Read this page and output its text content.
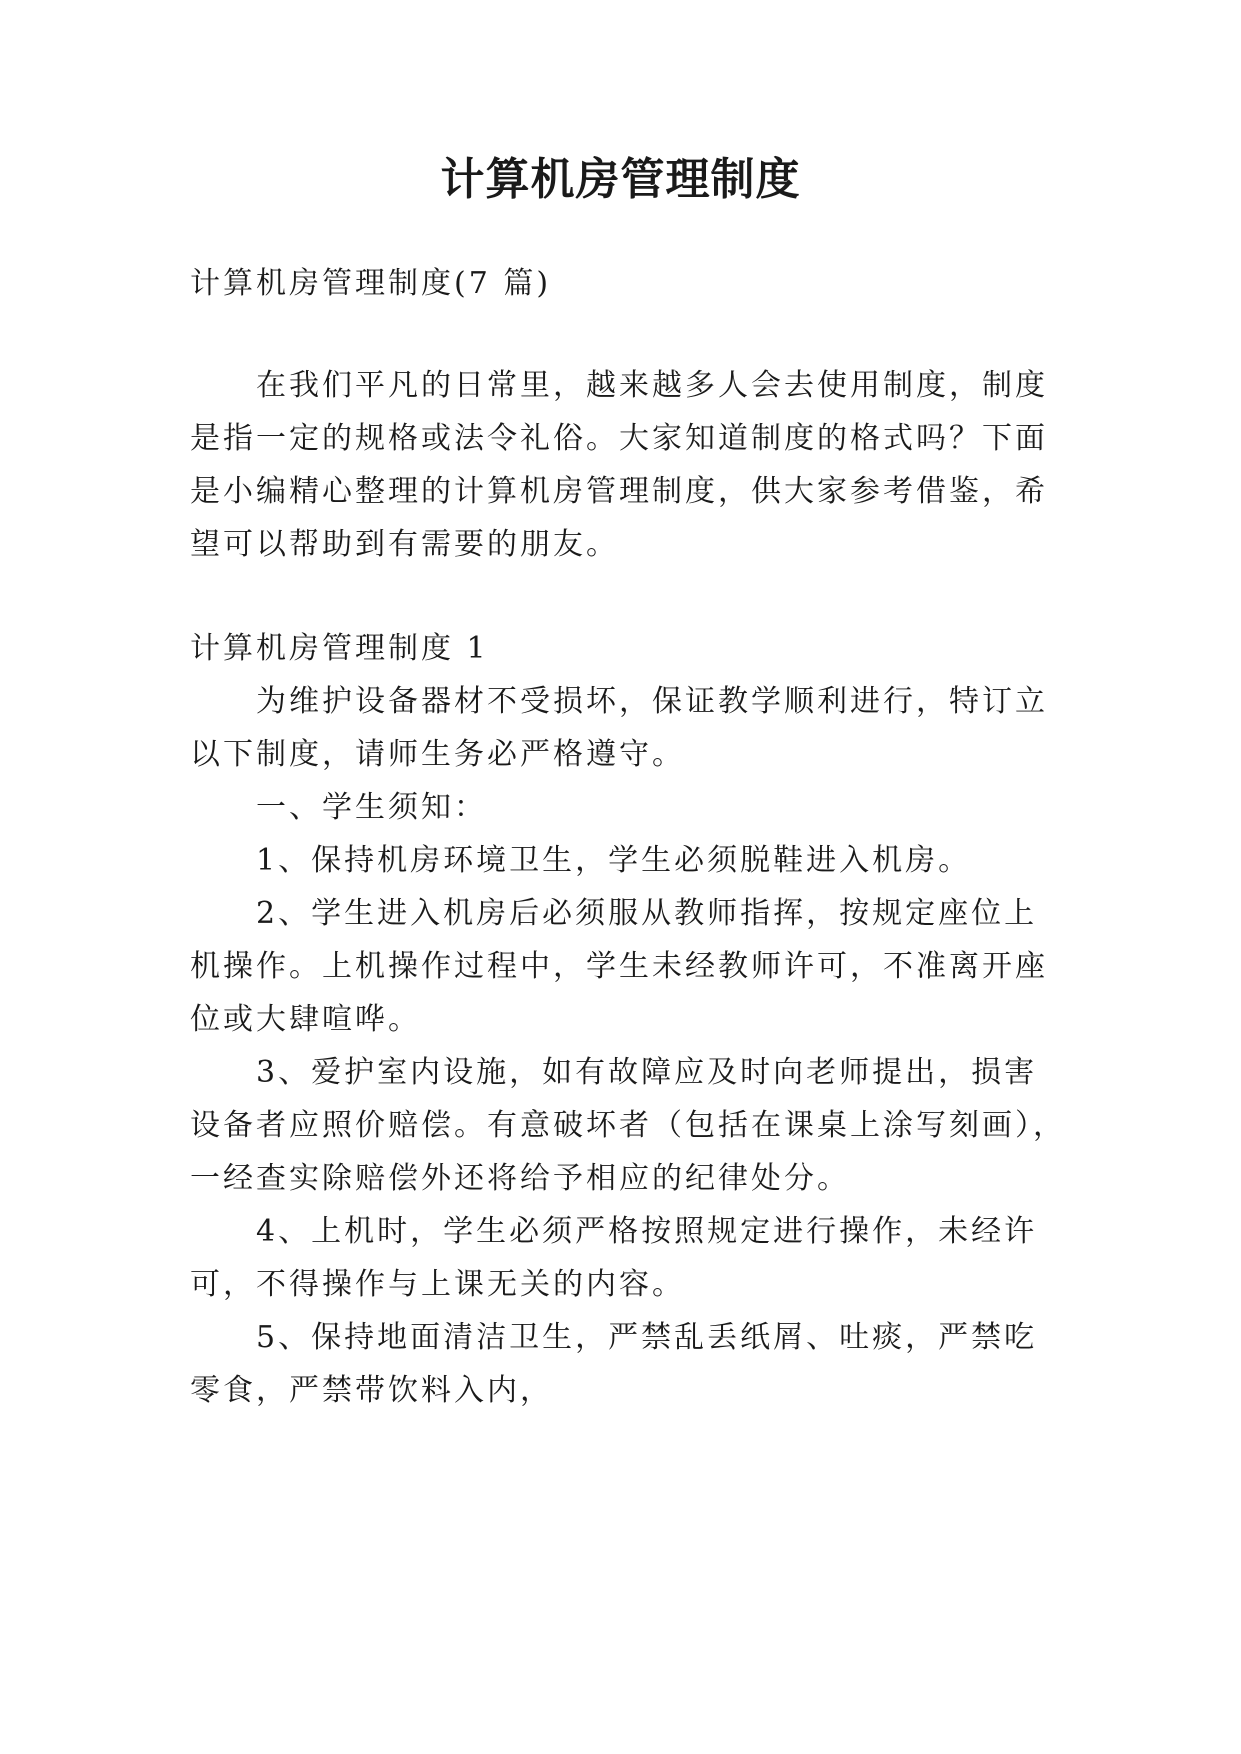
计算机房管理制度

计算机房管理制度(7 篇)

　　在我们平凡的日常里，越来越多人会去使用制度，制度

是指一定的规格或法令礼俗。大家知道制度的格式吗？下面

是小编精心整理的计算机房管理制度，供大家参考借鉴，希

望可以帮助到有需要的朋友。

计算机房管理制度 1

　　为维护设备器材不受损坏，保证教学顺利进行，特订立

以下制度，请师生务必严格遵守。

　　一、学生须知：

　　1、保持机房环境卫生，学生必须脱鞋进入机房。

　　2、学生进入机房后必须服从教师指挥，按规定座位上

机操作。上机操作过程中，学生未经教师许可，不准离开座

位或大肆喧哗。

　　3、爱护室内设施，如有故障应及时向老师提出，损害

设备者应照价赔偿。有意破坏者（包括在课桌上涂写刻画），

一经查实除赔偿外还将给予相应的纪律处分。

　　4、上机时，学生必须严格按照规定进行操作，未经许

可，不得操作与上课无关的内容。

　　5、保持地面清洁卫生，严禁乱丢纸屑、吐痰，严禁吃

零食，严禁带饮料入内，
